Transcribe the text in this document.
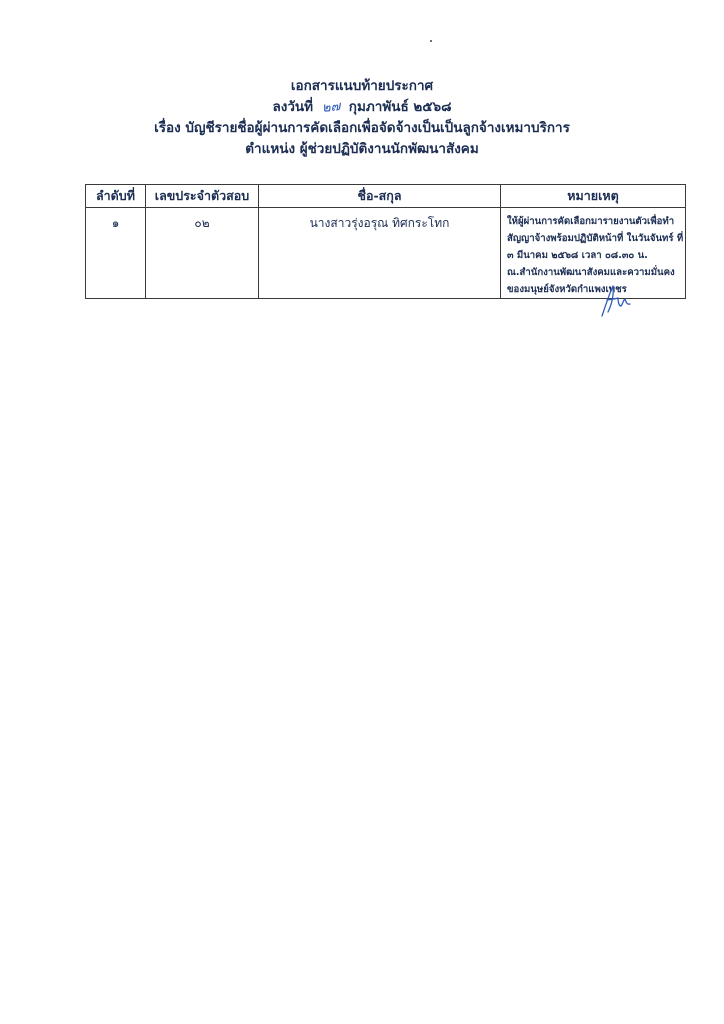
เอกสารแนบท้ายประกาศ
ลงวันที่ ๒๗ กุมภาพันธ์ ๒๕๖๘
เรื่อง บัญชีรายชื่อผู้ผ่านการคัดเลือกเพื่อจัดจ้างเป็นเป็นลูกจ้างเหมาบริการ
ตำแหน่ง ผู้ช่วยปฏิบัติงานนักพัฒนาสังคม
ลำดับที่	เลขประจำตัวสอบ	ชื่อ-สกุล	หมายเหตุ
๑	๐๒	นางสาวรุ่งอรุณ ทิศกระโทก	ให้ผู้ผ่านการคัดเลือกมารายงานตัวเพื่อทำ
สัญญาจ้างพร้อมปฏิบัติหน้าที่ ในวันจันทร์ ที่
๓ มีนาคม ๒๕๖๘ เวลา ๐๘.๓๐ น.
ณ.สำนักงานพัฒนาสังคมและความมั่นคง
ของมนุษย์จังหวัดกำแพงเพชร
